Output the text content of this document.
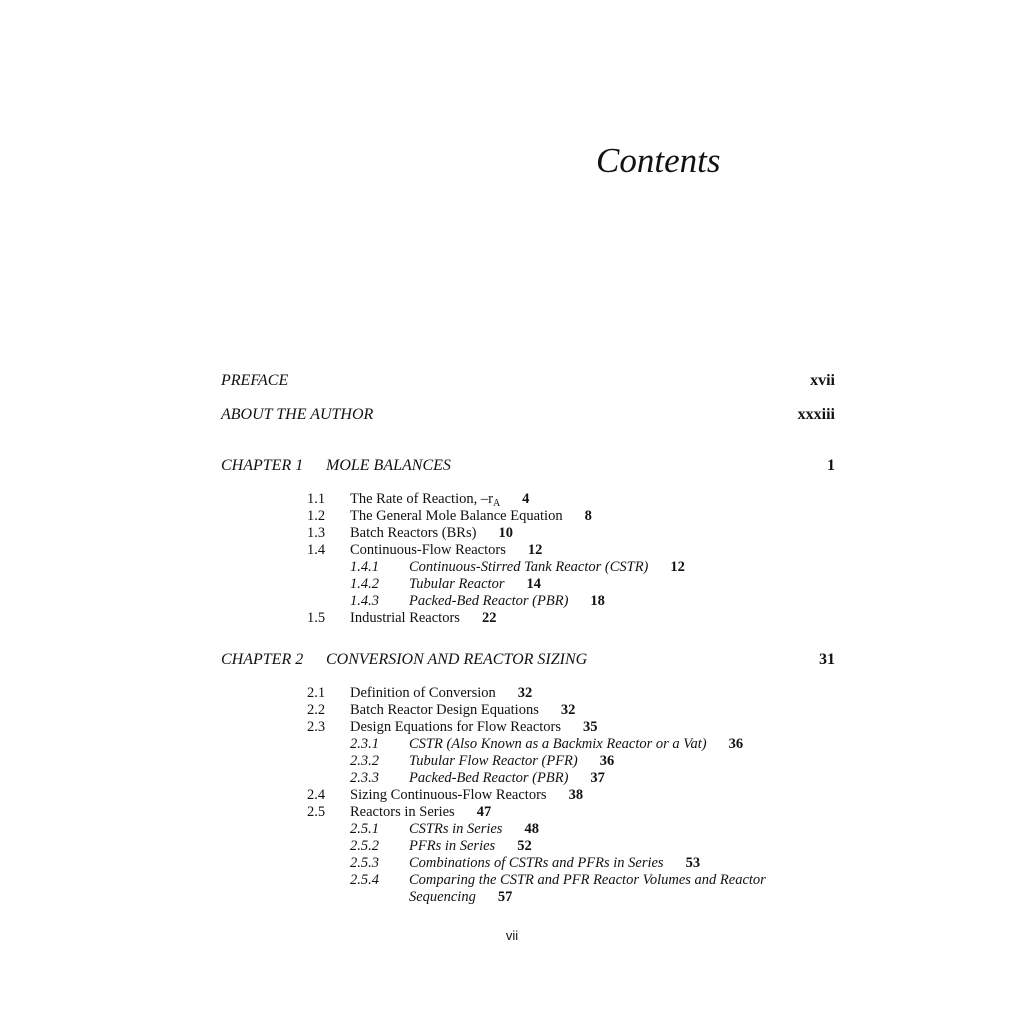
Contents
PREFACE	xvii
ABOUT THE AUTHOR	xxxiii
CHAPTER 1 MOLE BALANCES	1
1.1 The Rate of Reaction, $-r_A$ 4
1.2 The General Mole Balance Equation 8
1.3 Batch Reactors (BRs) 10
1.4 Continuous-Flow Reactors 12
1.4.1 Continuous-Stirred Tank Reactor (CSTR) 12
1.4.2 Tubular Reactor 14
1.4.3 Packed-Bed Reactor (PBR) 18
1.5 Industrial Reactors 22
CHAPTER 2 CONVERSION AND REACTOR SIZING	31
2.1 Definition of Conversion 32
2.2 Batch Reactor Design Equations 32
2.3 Design Equations for Flow Reactors 35
2.3.1 CSTR (Also Known as a Backmix Reactor or a Vat) 36
2.3.2 Tubular Flow Reactor (PFR) 36
2.3.3 Packed-Bed Reactor (PBR) 37
2.4 Sizing Continuous-Flow Reactors 38
2.5 Reactors in Series 47
2.5.1 CSTRs in Series 48
2.5.2 PFRs in Series 52
2.5.3 Combinations of CSTRs and PFRs in Series 53
2.5.4 Comparing the CSTR and PFR Reactor Volumes and Reactor
Sequencing 57
vii
